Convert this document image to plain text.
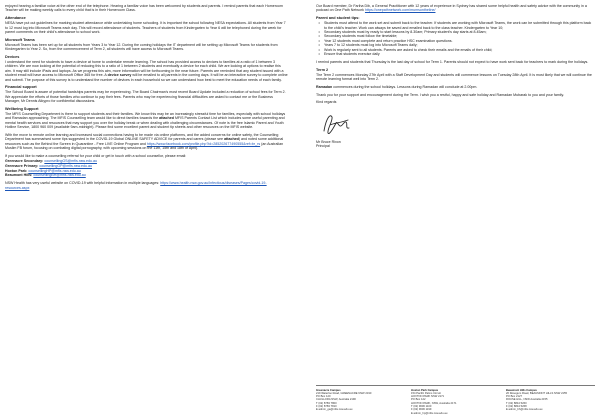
enjoyed hearing a familiar voice at the other end of the telephone. Hearing a familiar voice has been welcomed by students and parents. I remind parents that each Homeroom Teacher will be making weekly calls to every child that is in their Homeroom Class.

Attendance

NESA have put out guidelines for marking student attendance while undertaking home schooling. It is important the school following NESA expectations. All students from Year 7 to 12 must log into Microsoft Teams each day. This will record attendance of students. Teachers of students from Kindergarten to Year 6 will be telephoned during the week for parent comments on their child's attendance to school work.

Microsoft Teams

Microsoft Teams has been set up for all students from Years 3 to Year 12. During the coming holidays the IT department will be setting up Microsoft Teams for students from Kindergarten to Year 2. So, from the commencement of Term 2, all students will have access to Microsoft Teams.

Devices

I understand the need for students to have a device at home to undertake remote learning. The school has provided access to devices to families at a ratio of 1 between 3 children. We are now looking at the potential of reducing this to a ratio of 1 between 2 students and eventually a device for each child. We are looking at options to realise this aim. It may still include iPads and laptops. As we progress this aim, more information will be forthcoming in the near future. Parents are reminded that any student issued with a student email will have access to Microsoft Office 365 for free. A device survey will be emailed to all parents in the coming days. It will be an interactive survey to complete online and submit. The purpose of this survey is to understand the number of devices in each household so we can understand how best to meet the education needs of each family.

Financial support

The School Board is aware of potential hardships parents may be experiencing. The Board Chairman's most recent Board Update included a reduction of school fees for Term 2. We appreciate the efforts of those families who continue to pay their fees. Parents who may be experiencing financial difficulties are asked to contact me or the Business Manager, Mr Dennis Atkypro for confidential discussions.

Wellbeing Support

The MFIS Counselling Department is there to support students and their families. We know this may be an increasingly stressful time for families, especially with school holidays and Ramadan approaching. The MFIS Counselling team would like to direct families towards the attached MFIS Parents Contact List which includes some useful parenting and mental health services and resources that may support you over the holiday break or when dealing with challenging circumstances. Of note is the free Islamic Parent and Youth Hotline Service, 1800 960 009 (available 9am-midnight). Please find some excellent parent and student tip sheets and other resources on the MFIS website.

With the move to remote online learning and increased social connections having to be made via online platforms, and the added concerns for online safety, the Counselling Department has summarised some tips suggested in the COVID-19 Global ONLINE SAFETY ADVICE for parents and carers (please see attached) and noted some additional resources such as the Behind the Screen in Quarantine - Free LIVE Online Program and https://www.facebook.com/profile.php?id=285202677490555&ref=br_rs (an Australian Muslim FB forum, focusing on combating digital pornography, with upcoming sessions on the 11th, 15th and 18th of April).

If you would like to make a counselling referral for your child or get in touch with a school counsellor, please email:

Greenacre Secondary: counsellingGS@mfis.nsw.edu.au

Greenacre Primary: counsellingGP@mfis.nsw.edu.au

Hoxton Park: counsellingHP@mfis.nsw.edu.au

Beaumont Hills: counsellingBH@mfis.nsw.edu.au

NSW Health has very useful website on COVID-19 with helpful information in multiple languages: https://www.health.nsw.gov.au/Infectious/diseases/Pages/covid-19-resources.aspx

Our Board member, Dr Fariha Dib, a General Practitioner with 12 years of experience in Sydney has shared some helpful health and safety advice with the community in a podcast on One Path Network https://onepathnetwork.com/mumsontheline/

Parent and student tips:
• Students must attend to the work set and submit back to the teacher. If students are working with Microsoft Teams, the work can be submitted through this platform back to the child's teacher. Work can always be saved and emailed back to the class teacher. Kindergarten to Year 10;
• Secondary students must by ready to start lessons by 8.30am; Primary student's day starts at 8.45am;
• Secondary students must follow the timetable;
• Year 12 students must complete and return practice HSC examination questions.
• Years 7 to 12 students must log into Microsoft Teams daily;
• Work is regularly sent to all students. Parents are asked to check their emails and the emails of their child;
• Ensure that students exercise daily

I remind parents and students that Thursday is the last day of school for Term 1. Parents should not expect to have work sent back for teachers to mark during the holidays.

Term 2

The Term 2 commences Monday 27th April with a Staff Development Day and students will commence lessons on Tuesday 28th April. It is most likely that we will continue the remote learning format well into Term 2.

Ramadan commences during the school holidays. Lessons during Ramadan will conclude at 2.00pm.

Thank you for your support and encouragement during the Term. I wish you a restful, happy and safe holiday and Ramadan Mubarak to you and your family.

Kind regards

Mr Bruce Rixon

Principal

Greenacre Campus
219 Waterloo Road, GREENACRE NSW 2190
PO Box 120
CHULLORA NSW, Australia 2190
T (02) 8783 7800
F (02) 8783 7810
E admin_ga@mfis.nsw.edu.au
Hoxton Park Campus
154 Pacific Palms Circuit
HOXTON PARK NSW 2171
PO Box 122
HOXTON PARK, NSW, Australia 2171
T (02) 9606 1100
F (02) 9606 1199
E admin_hp@mfis.nsw.edu.au
Beaumont Hills Campus
20 Rosegum Road, BEAUMONT HILLS NSW 2155
PO Box 2127
ROUSE HILL, NSW Australia 2155
T (02) 8844 5260
F (02) 8844 5268
E admin_bh@mfis.nsw.edu.au
